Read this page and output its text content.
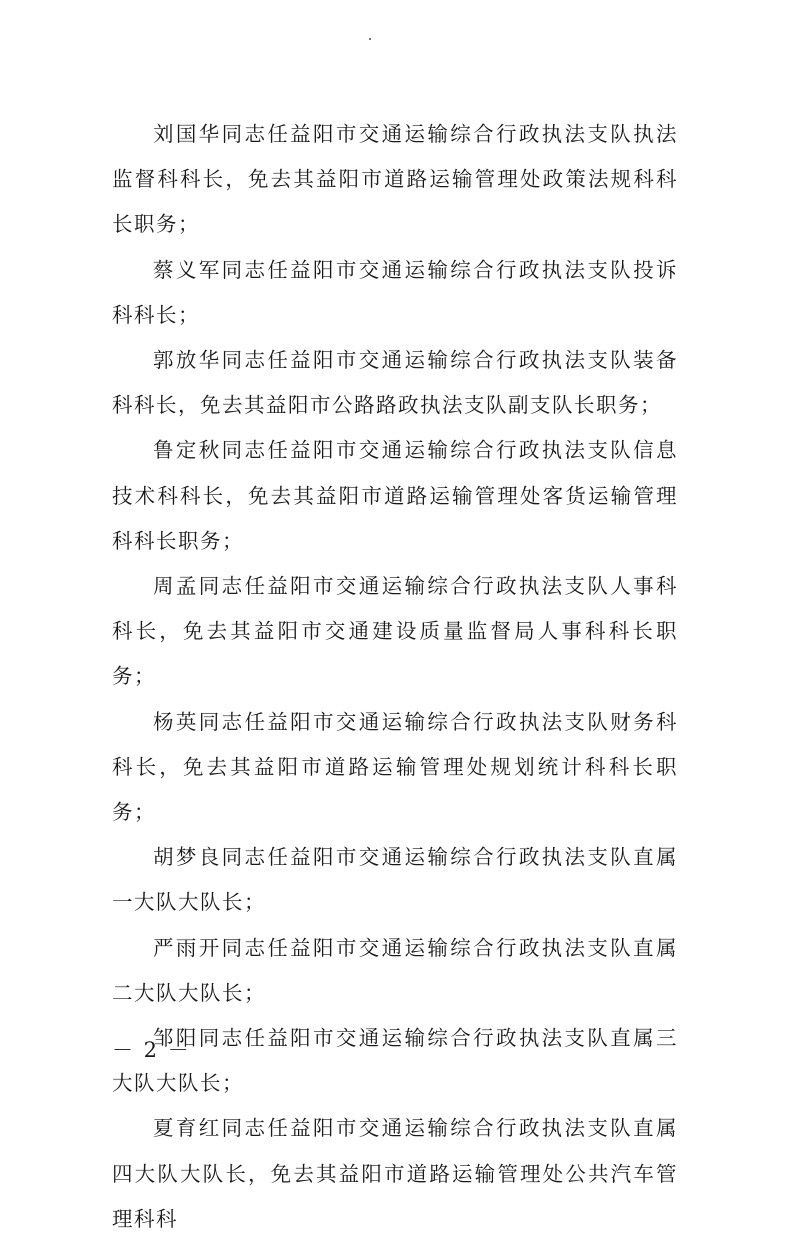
刘国华同志任益阳市交通运输综合行政执法支队执法监督科科长，免去其益阳市道路运输管理处政策法规科科长职务；

蔡义军同志任益阳市交通运输综合行政执法支队投诉科科长；

郭放华同志任益阳市交通运输综合行政执法支队装备科科长，免去其益阳市公路路政执法支队副支队长职务；

鲁定秋同志任益阳市交通运输综合行政执法支队信息技术科科长，免去其益阳市道路运输管理处客货运输管理科科长职务；

周孟同志任益阳市交通运输综合行政执法支队人事科科长，免去其益阳市交通建设质量监督局人事科科长职务；

杨英同志任益阳市交通运输综合行政执法支队财务科科长，免去其益阳市道路运输管理处规划统计科科长职务；

胡梦良同志任益阳市交通运输综合行政执法支队直属一大队大队长；

严雨开同志任益阳市交通运输综合行政执法支队直属二大队大队长；

邹阳同志任益阳市交通运输综合行政执法支队直属三大队大队长；

夏育红同志任益阳市交通运输综合行政执法支队直属四大队大队长，免去其益阳市道路运输管理处公共汽车管理科科

－ 2 －
